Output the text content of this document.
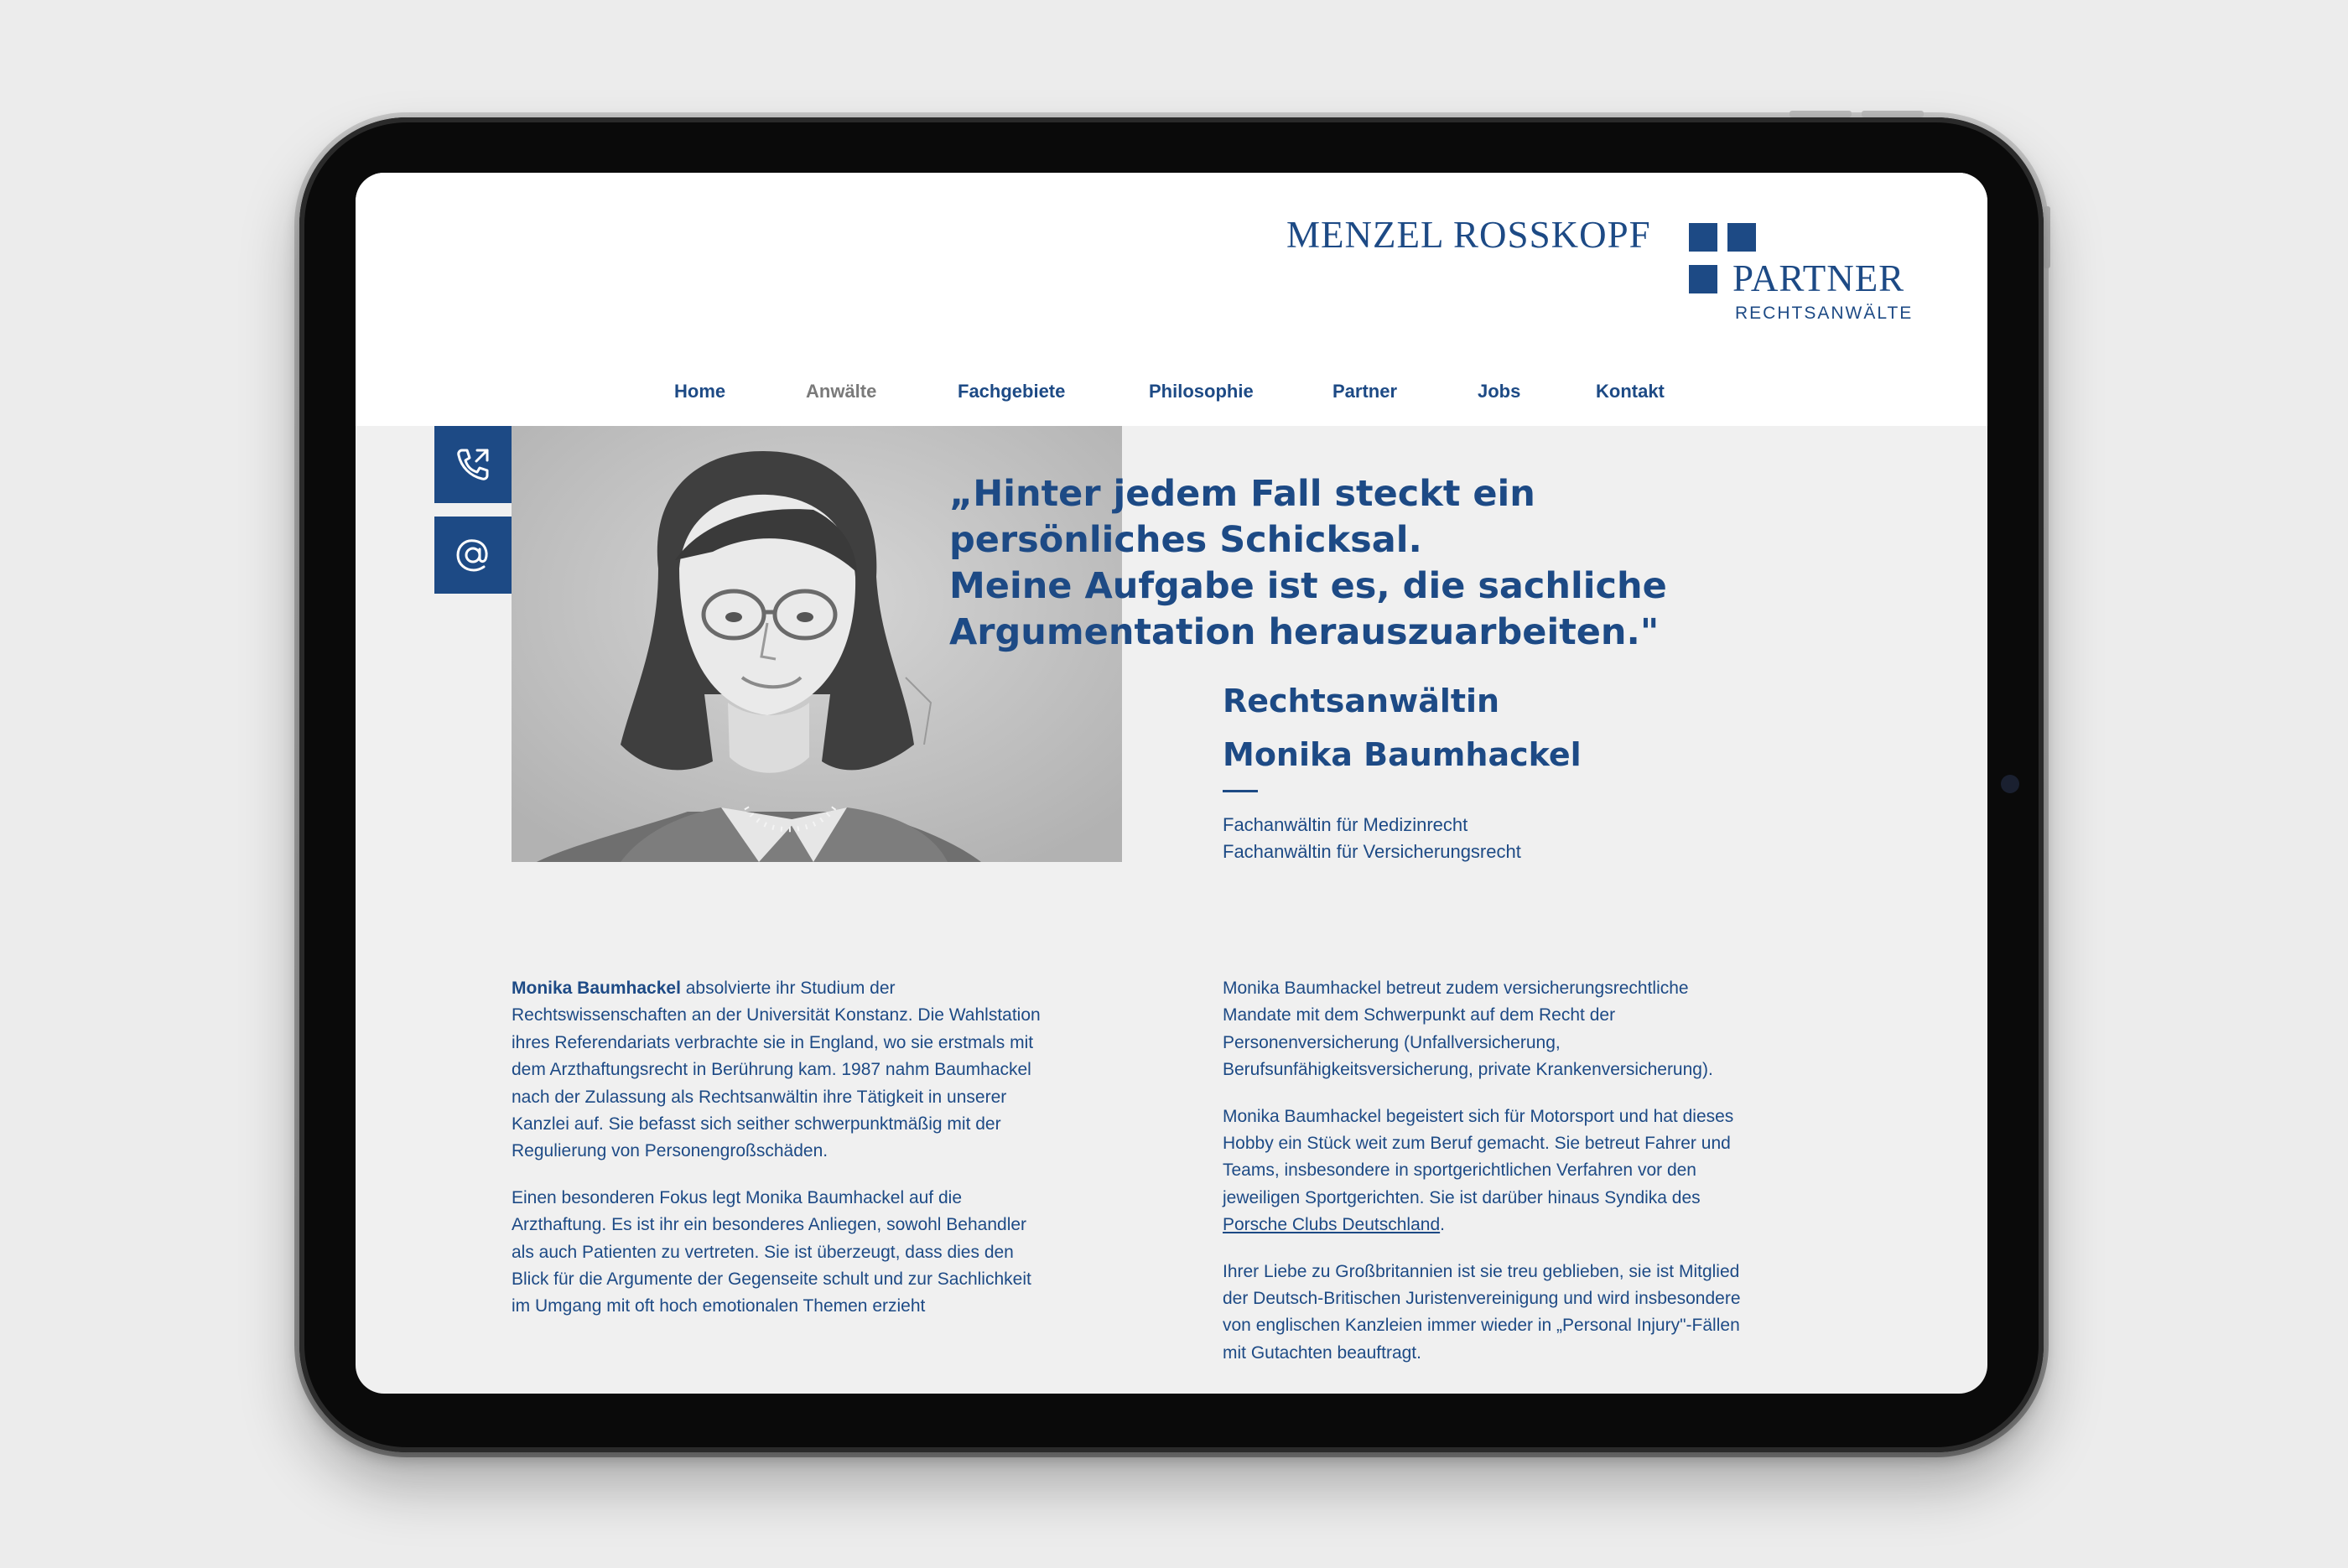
MENZEL ROSSKOPF
PARTNER
RECHTSANWÄLTE
Home	Anwälte	Fachgebiete	Philosophie	Partner	Jobs	Kontakt
„Hinter jedem Fall steckt ein
persönliches Schicksal.
Meine Aufgabe ist es, die sachliche
Argumentation herauszuarbeiten."
Rechtsanwältin
Monika Baumhackel
Fachanwältin für Medizinrecht
Fachanwältin für Versicherungsrecht

Monika Baumhackel absolvierte ihr Studium der
Rechtswissenschaften an der Universität Konstanz. Die Wahlstation
ihres Referendariats verbrachte sie in England, wo sie erstmals mit
dem Arzthaftungsrecht in Berührung kam. 1987 nahm Baumhackel
nach der Zulassung als Rechtsanwältin ihre Tätigkeit in unserer
Kanzlei auf. Sie befasst sich seither schwerpunktmäßig mit der
Regulierung von Personengroßschäden.

Einen besonderen Fokus legt Monika Baumhackel auf die
Arzthaftung. Es ist ihr ein besonderes Anliegen, sowohl Behandler
als auch Patienten zu vertreten. Sie ist überzeugt, dass dies den
Blick für die Argumente der Gegenseite schult und zur Sachlichkeit
im Umgang mit oft hoch emotionalen Themen erzieht

Monika Baumhackel betreut zudem versicherungsrechtliche
Mandate mit dem Schwerpunkt auf dem Recht der
Personenversicherung (Unfallversicherung,
Berufsunfähigkeitsversicherung, private Krankenversicherung).

Monika Baumhackel begeistert sich für Motorsport und hat dieses
Hobby ein Stück weit zum Beruf gemacht. Sie betreut Fahrer und
Teams, insbesondere in sportgerichtlichen Verfahren vor den
jeweiligen Sportgerichten. Sie ist darüber hinaus Syndika des
Porsche Clubs Deutschland.

Ihrer Liebe zu Großbritannien ist sie treu geblieben, sie ist Mitglied
der Deutsch-Britischen Juristenvereinigung und wird insbesondere
von englischen Kanzleien immer wieder in „Personal Injury"-Fällen
mit Gutachten beauftragt.
